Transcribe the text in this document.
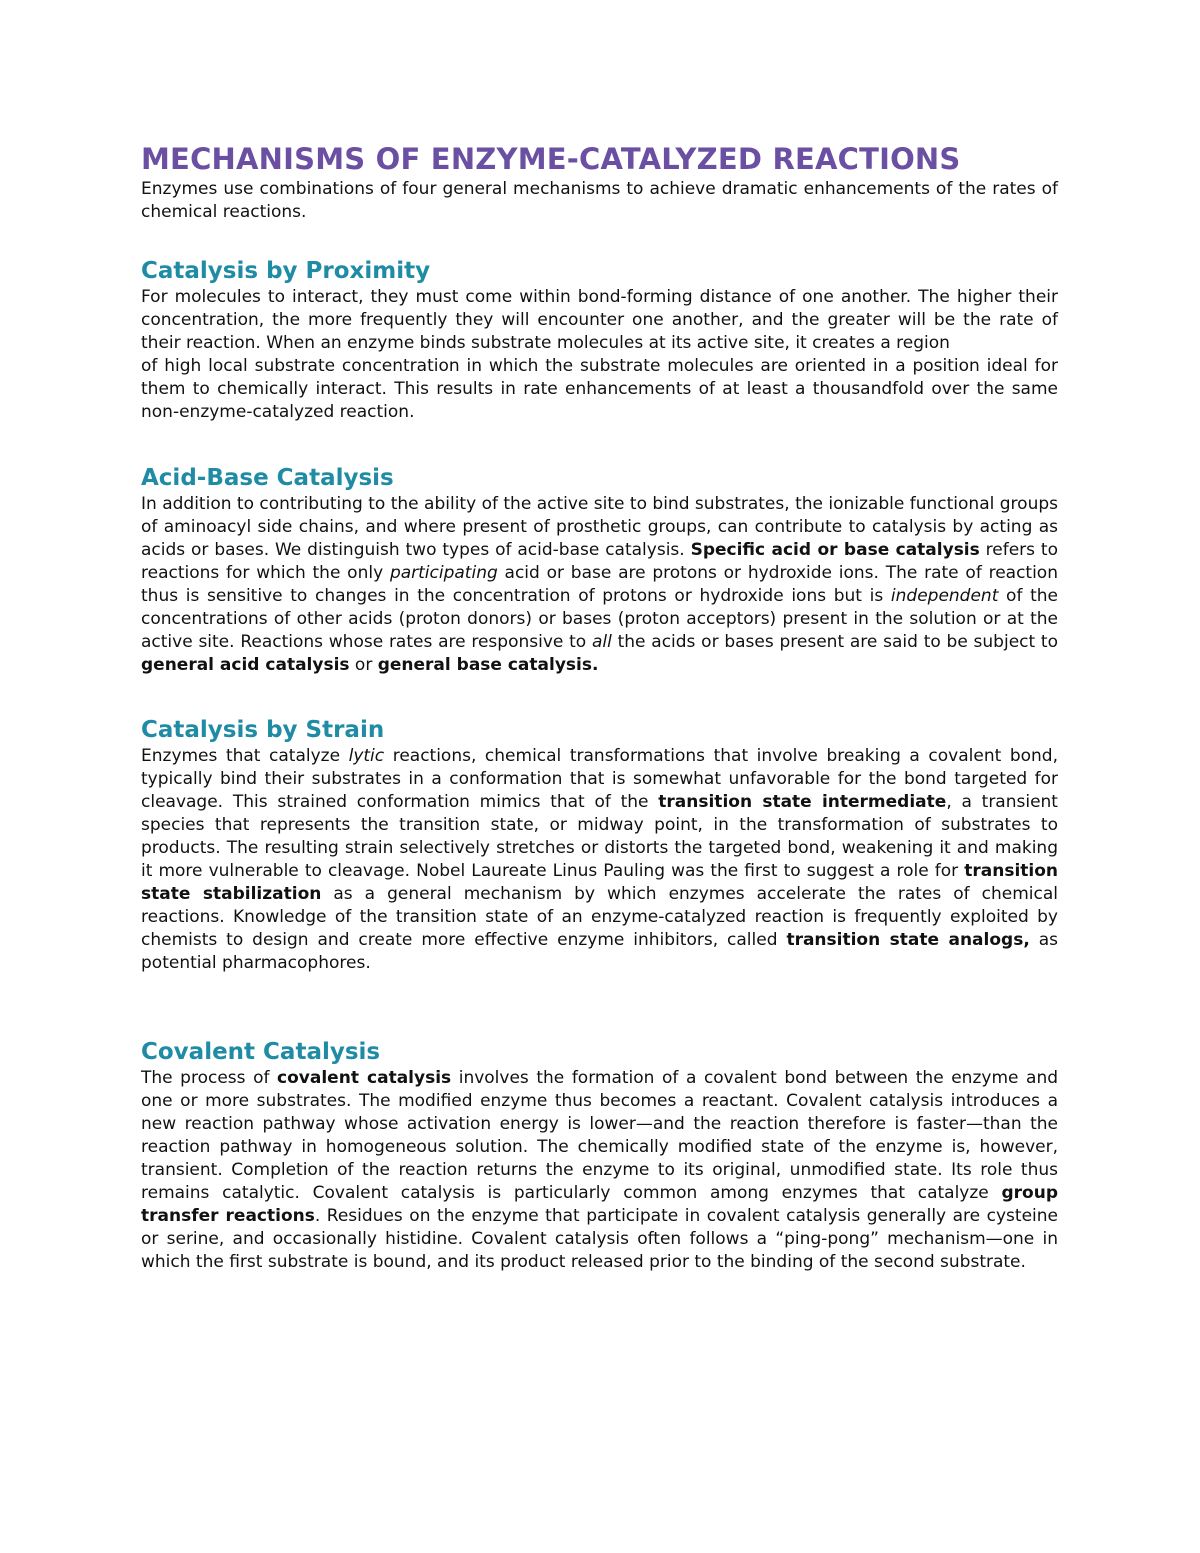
MECHANISMS OF ENZYME-CATALYZED REACTIONS

Enzymes use combinations of four general mechanisms to achieve dramatic enhancements of the rates of chemical reactions.

Catalysis by Proximity

For molecules to interact, they must come within bond-forming distance of one another. The higher their concentration, the more frequently they will encounter one another, and the greater will be the rate of their reaction. When an enzyme binds substrate molecules at its active site, it creates a region
of high local substrate concentration in which the substrate molecules are oriented in a position ideal for them to chemically interact. This results in rate enhancements of at least a thousandfold over the same non-enzyme-catalyzed reaction.

Acid-Base Catalysis

In addition to contributing to the ability of the active site to bind substrates, the ionizable functional groups of aminoacyl side chains, and where present of prosthetic groups, can contribute to catalysis by acting as acids or bases. We distinguish two types of acid-base catalysis. Specific acid or base catalysis refers to reactions for which the only participating acid or base are protons or hydroxide ions. The rate of reaction thus is sensitive to changes in the concentration of protons or hydroxide ions but is independent of the concentrations of other acids (proton donors) or bases (proton acceptors) present in the solution or at the active site. Reactions whose rates are responsive to all the acids or bases present are said to be subject to general acid catalysis or general base catalysis.

Catalysis by Strain

Enzymes that catalyze lytic reactions, chemical transformations that involve breaking a covalent bond, typically bind their substrates in a conformation that is somewhat unfavorable for the bond targeted for cleavage. This strained conformation mimics that of the transition state intermediate, a transient species that represents the transition state, or midway point, in the transformation of substrates to products. The resulting strain selectively stretches or distorts the targeted bond, weakening it and making it more vulnerable to cleavage. Nobel Laureate Linus Pauling was the first to suggest a role for transition state stabilization as a general mechanism by which enzymes accelerate the rates of chemical reactions. Knowledge of the transition state of an enzyme-catalyzed reaction is frequently exploited by chemists to design and create more effective enzyme inhibitors, called transition state analogs, as potential pharmacophores.

Covalent Catalysis

The process of covalent catalysis involves the formation of a covalent bond between the enzyme and one or more substrates. The modified enzyme thus becomes a reactant. Covalent catalysis introduces a new reaction pathway whose activation energy is lower—and the reaction therefore is faster—than the reaction pathway in homogeneous solution. The chemically modified state of the enzyme is, however, transient. Completion of the reaction returns the enzyme to its original, unmodified state. Its role thus remains catalytic. Covalent catalysis is particularly common among enzymes that catalyze group transfer reactions. Residues on the enzyme that participate in covalent catalysis generally are cysteine or serine, and occasionally histidine. Covalent catalysis often follows a “ping-pong” mechanism—one in which the first substrate is bound, and its product released prior to the binding of the second substrate.
